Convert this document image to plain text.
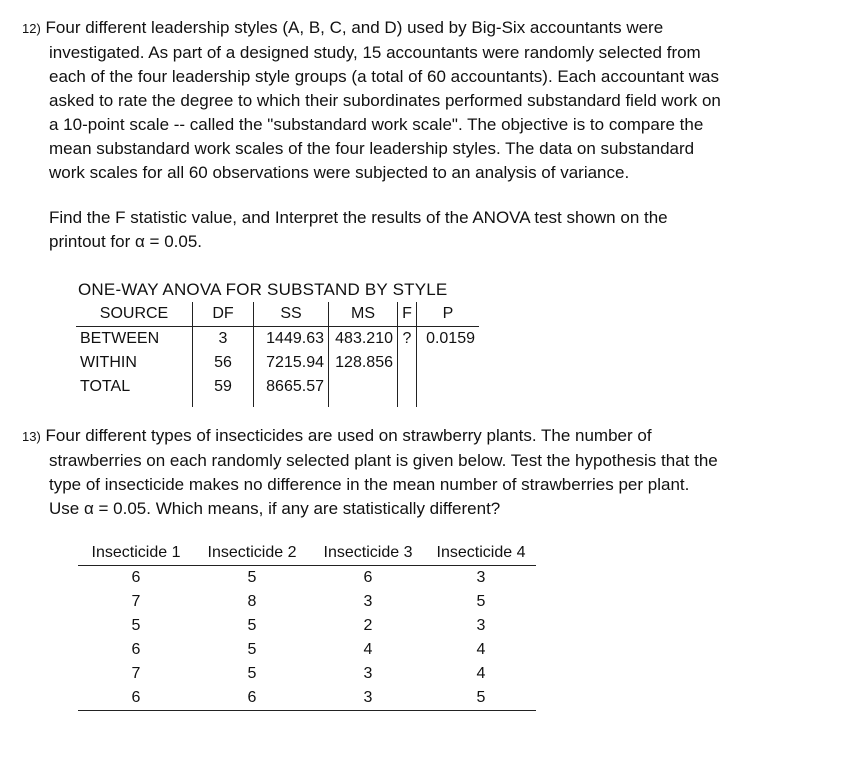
12) Four different leadership styles (A, B, C, and D) used by Big-Six accountants were
investigated. As part of a designed study, 15 accountants were randomly selected from
each of the four leadership style groups (a total of 60 accountants). Each accountant was
asked to rate the degree to which their subordinates performed substandard field work on
a 10-point scale -- called the "substandard work scale". The objective is to compare the
mean substandard work scales of the four leadership styles. The data on substandard
work scales for all 60 observations were subjected to an analysis of variance.
Find the F statistic value, and Interpret the results of the ANOVA test shown on the
printout for α = 0.05.
ONE-WAY ANOVA FOR SUBSTAND BY STYLE
SOURCE	DF	SS	MS	F	P
BETWEEN	3	1449.63	483.210	?	0.0159
WITHIN	56	7215.94	128.856		
TOTAL	59	8665.57			
13) Four different types of insecticides are used on strawberry plants. The number of
strawberries on each randomly selected plant is given below. Test the hypothesis that the
type of insecticide makes no difference in the mean number of strawberries per plant.
Use α = 0.05. Which means, if any are statistically different?
Insecticide 1	Insecticide 2	Insecticide 3	Insecticide 4
6	5	6	3
7	8	3	5
5	5	2	3
6	5	4	4
7	5	3	4
6	6	3	5
